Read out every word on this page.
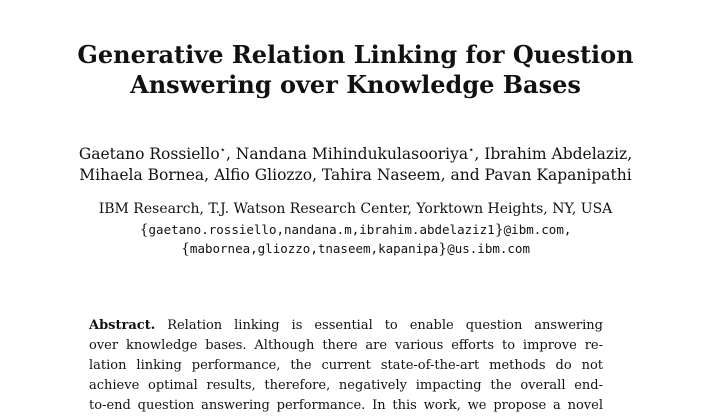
Generative Relation Linking for Question
Answering over Knowledge Bases

Gaetano Rossiello⋆, Nandana Mihindukulasooriya⋆, Ibrahim Abdelaziz,
Mihaela Bornea, Alfio Gliozzo, Tahira Naseem, and Pavan Kapanipathi

IBM Research, T.J. Watson Research Center, Yorktown Heights, NY, USA

{gaetano.rossiello,nandana.m,ibrahim.abdelaziz1}@ibm.com,

{mabornea,gliozzo,tnaseem,kapanipa}@us.ibm.com

Abstract. Relation linking is essential to enable question answering
over knowledge bases. Although there are various efforts to improve re-
lation linking performance, the current state-of-the-art methods do not
achieve optimal results, therefore, negatively impacting the overall end-
to-end question answering performance. In this work, we propose a novel
